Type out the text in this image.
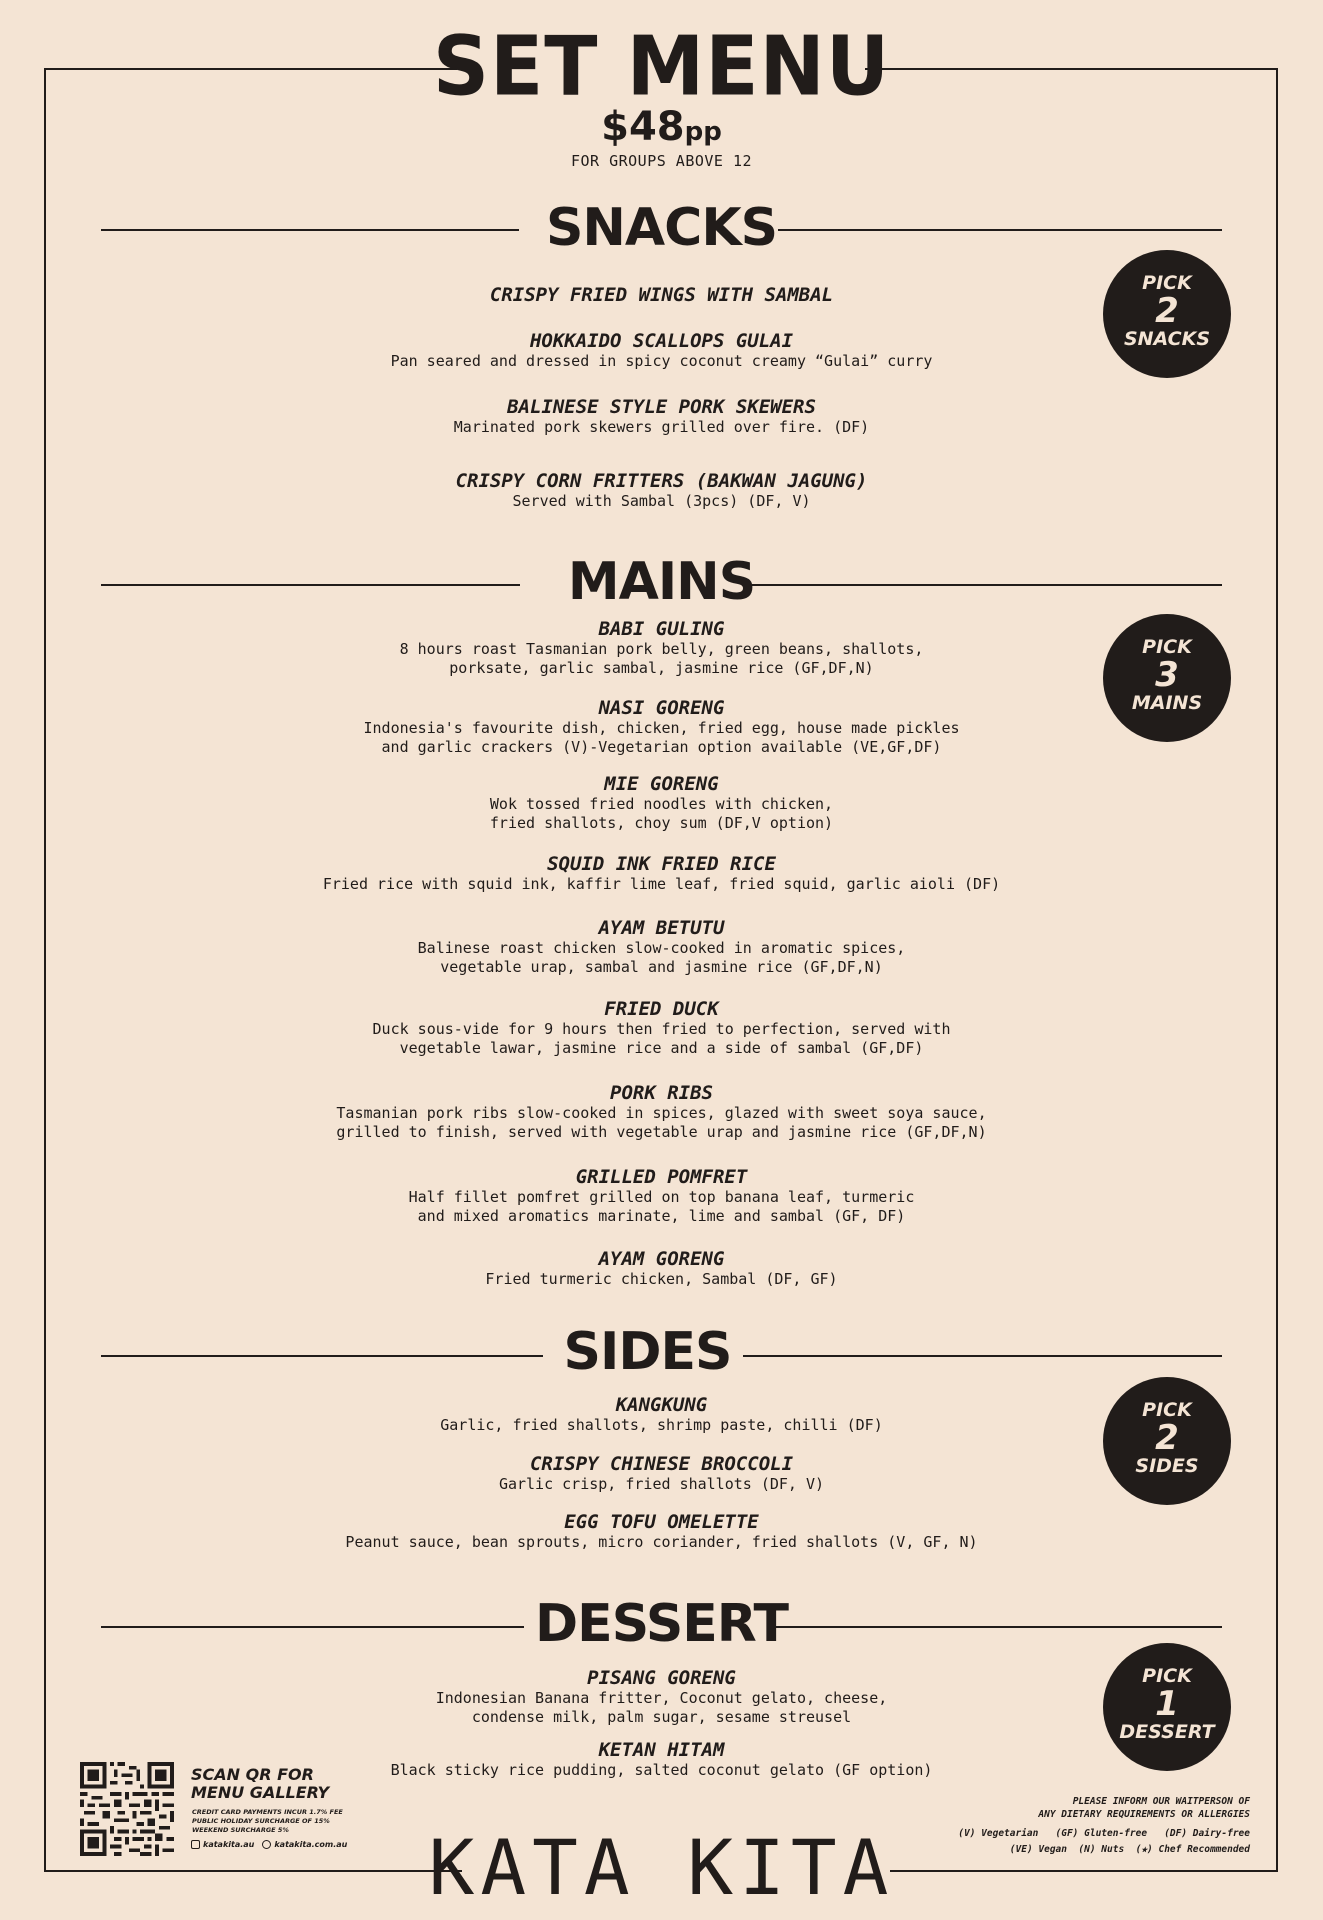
SET MENU
$48pp
FOR GROUPS ABOVE 12
SNACKS
PICK
2
SNACKS
CRISPY FRIED WINGS WITH SAMBAL
HOKKAIDO SCALLOPS GULAI
Pan seared and dressed in spicy coconut creamy “Gulai” curry
BALINESE STYLE PORK SKEWERS
Marinated pork skewers grilled over fire. (DF)
CRISPY CORN FRITTERS (BAKWAN JAGUNG)
Served with Sambal (3pcs) (DF, V)
MAINS
PICK
3
MAINS
BABI GULING
8 hours roast Tasmanian pork belly, green beans, shallots,
porksate, garlic sambal, jasmine rice (GF,DF,N)
NASI GORENG
Indonesia's favourite dish, chicken, fried egg, house made pickles
and garlic crackers (V)-Vegetarian option available (VE,GF,DF)
MIE GORENG
Wok tossed fried noodles with chicken,
fried shallots, choy sum (DF,V option)
SQUID INK FRIED RICE
Fried rice with squid ink, kaffir lime leaf, fried squid, garlic aioli (DF)
AYAM BETUTU
Balinese roast chicken slow-cooked in aromatic spices,
vegetable urap, sambal and jasmine rice (GF,DF,N)
FRIED DUCK
Duck sous-vide for 9 hours then fried to perfection, served with
vegetable lawar, jasmine rice and a side of sambal (GF,DF)
PORK RIBS
Tasmanian pork ribs slow-cooked in spices, glazed with sweet soya sauce,
grilled to finish, served with vegetable urap and jasmine rice (GF,DF,N)
GRILLED POMFRET
Half fillet pomfret grilled on top banana leaf, turmeric
and mixed aromatics marinate, lime and sambal (GF, DF)
AYAM GORENG
Fried turmeric chicken, Sambal (DF, GF)
SIDES
PICK
2
SIDES
KANGKUNG
Garlic, fried shallots, shrimp paste, chilli (DF)
CRISPY CHINESE BROCCOLI
Garlic crisp, fried shallots (DF, V)
EGG TOFU OMELETTE
Peanut sauce, bean sprouts, micro coriander, fried shallots (V, GF, N)
DESSERT
PICK
1
DESSERT
PISANG GORENG
Indonesian Banana fritter, Coconut gelato, cheese,
condense milk, palm sugar, sesame streusel
KETAN HITAM
Black sticky rice pudding, salted coconut gelato (GF option)
SCAN QR FOR
MENU GALLERY
CREDIT CARD PAYMENTS INCUR 1.7% FEE
PUBLIC HOLIDAY SURCHARGE OF 15%
WEEKEND SURCHARGE 5%
katakita.au	katakita.com.au
PLEASE INFORM OUR WAITPERSON OF
ANY DIETARY REQUIREMENTS OR ALLERGIES
(V) Vegetarian   (GF) Gluten-free   (DF) Dairy-free
(VE) Vegan  (N) Nuts  (★) Chef Recommended
KATA KITA
